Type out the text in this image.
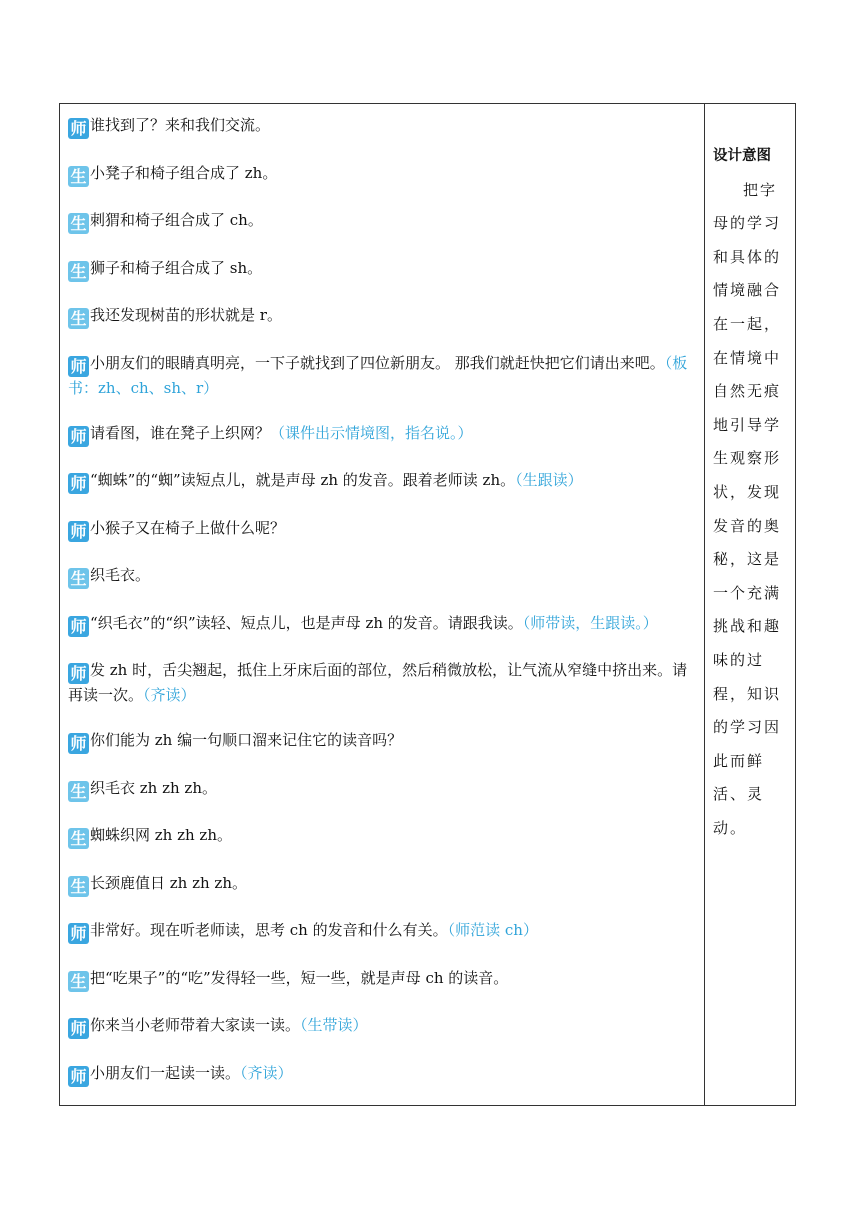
师 谁找到了？来和我们交流。
生 小凳子和椅子组合成了 zh。
生 刺猬和椅子组合成了 ch。
生 狮子和椅子组合成了 sh。
生 我还发现树苗的形状就是 r。
师 小朋友们的眼睛真明亮，一下子就找到了四位新朋友。 那我们就赶快把它们请出来吧。（板书：zh、ch、sh、r）
师 请看图，谁在凳子上织网？（课件出示情境图，指名说。）
师 “蜘蛛”的“蜘”读短点儿，就是声母 zh 的发音。跟着老师读 zh。（生跟读）
师 小猴子又在椅子上做什么呢？
生 织毛衣。
师 “织毛衣”的“织”读轻、短点儿，也是声母 zh 的发音。请跟我读。（师带读，生跟读。）
师 发 zh 时，舌尖翘起，抵住上牙床后面的部位，然后稍微放松，让气流从窄缝中挤出来。请再读一次。（齐读）
师 你们能为 zh 编一句顺口溜来记住它的读音吗？
生 织毛衣 zh zh zh。
生 蜘蛛织网 zh zh zh。
生 长颈鹿值日 zh zh zh。
师 非常好。现在听老师读，思考 ch 的发音和什么有关。（师范读 ch）
生 把“吃果子”的“吃”发得轻一些，短一些，就是声母 ch 的读音。
师 你来当小老师带着大家读一读。（生带读）
师 小朋友们一起读一读。（齐读）
设计意图
把字母的学习和具体的情境融合在一起，在情境中自然无痕地引导学生观察形状，发现发音的奥秘，这是一个充满挑战和趣味的过程，知识的学习因此而鲜活、灵动。
